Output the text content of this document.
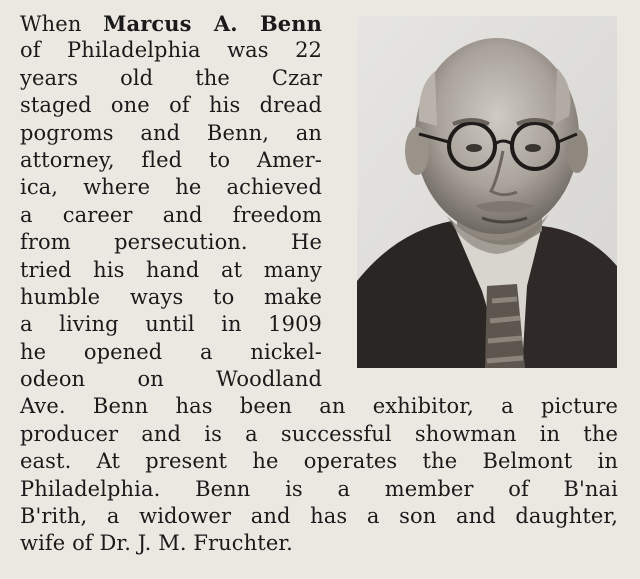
When Marcus A. Benn
of Philadelphia was 22
years old the Czar
staged one of his dread
pogroms and Benn, an
attorney, fled to Amer-
ica, where he achieved
a career and freedom
from persecution. He
tried his hand at many
humble ways to make
a living until in 1909
he opened a nickel-
odeon on Woodland
Ave. Benn has been an exhibitor, a picture
producer and is a successful showman in the
east. At present he operates the Belmont in
Philadelphia. Benn is a member of B'nai
B'rith, a widower and has a son and daughter,
wife of Dr. J. M. Fruchter.
